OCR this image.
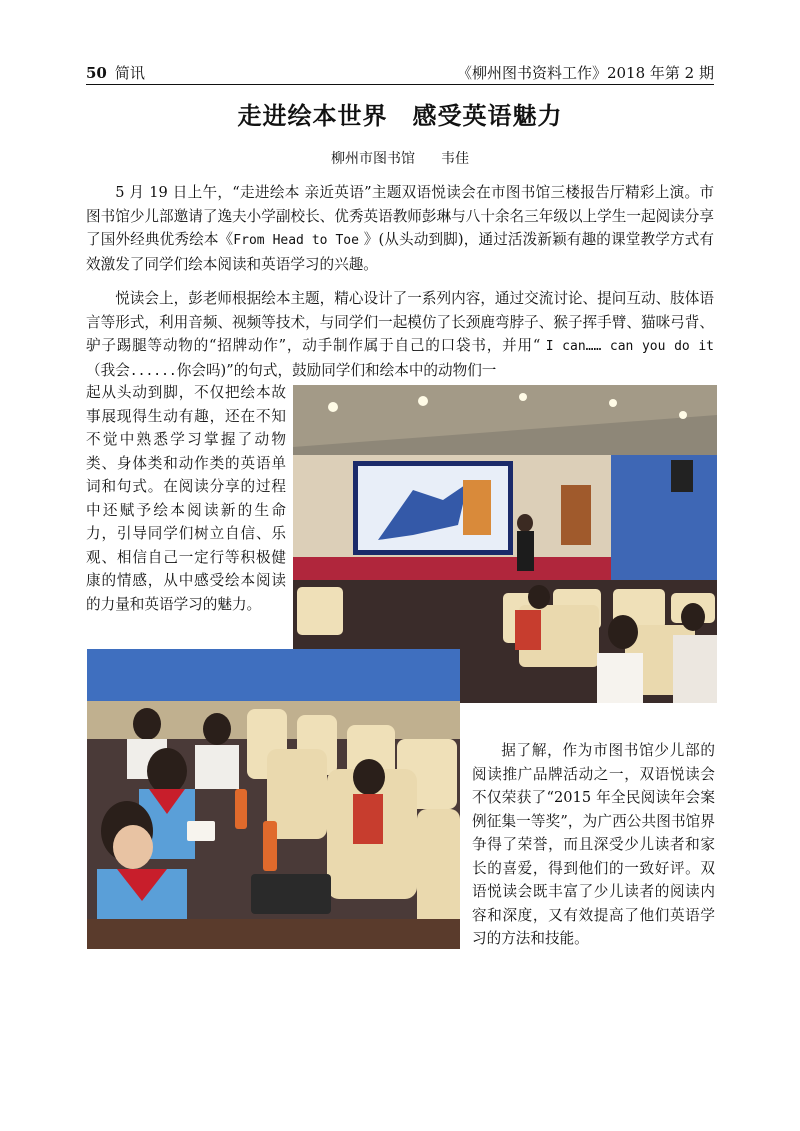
50 简讯	《柳州图书资料工作》2018 年第 2 期
走进绘本世界　感受英语魅力
柳州市图书馆 韦佳

5 月 19 日上午，“走进绘本 亲近英语”主题双语悦读会在市图书馆三楼报告厅精彩上演。市图书馆少儿部邀请了逸夫小学副校长、优秀英语教师彭琳与八十余名三年级以上学生一起阅读分享了国外经典优秀绘本《From Head to Toe 》(从头动到脚)，通过活泼新颖有趣的课堂教学方式有效激发了同学们绘本阅读和英语学习的兴趣。

悦读会上，彭老师根据绘本主题，精心设计了一系列内容，通过交流讨论、提问互动、肢体语言等形式，利用音频、视频等技术，与同学们一起模仿了长颈鹿弯脖子、猴子挥手臂、猫咪弓背、驴子踢腿等动物的“招牌动作”，动手制作属于自己的口袋书，并用“ I can…… can you do it（我会......你会吗)”的句式，鼓励同学们和绘本中的动物们一

起从头动到脚，不仅把绘本故事展现得生动有趣，还在不知不觉中熟悉学习掌握了动物类、身体类和动作类的英语单词和句式。在阅读分享的过程中还赋予绘本阅读新的生命力，引导同学们树立自信、乐观、相信自己一定行等积极健康的情感，从中感受绘本阅读的力量和英语学习的魅力。

据了解，作为市图书馆少儿部的阅读推广品牌活动之一，双语悦读会不仅荣获了“2015 年全民阅读年会案例征集一等奖”，为广西公共图书馆界争得了荣誉，而且深受少儿读者和家长的喜爱，得到他们的一致好评。双语悦读会既丰富了少儿读者的阅读内容和深度，又有效提高了他们英语学习的方法和技能。
